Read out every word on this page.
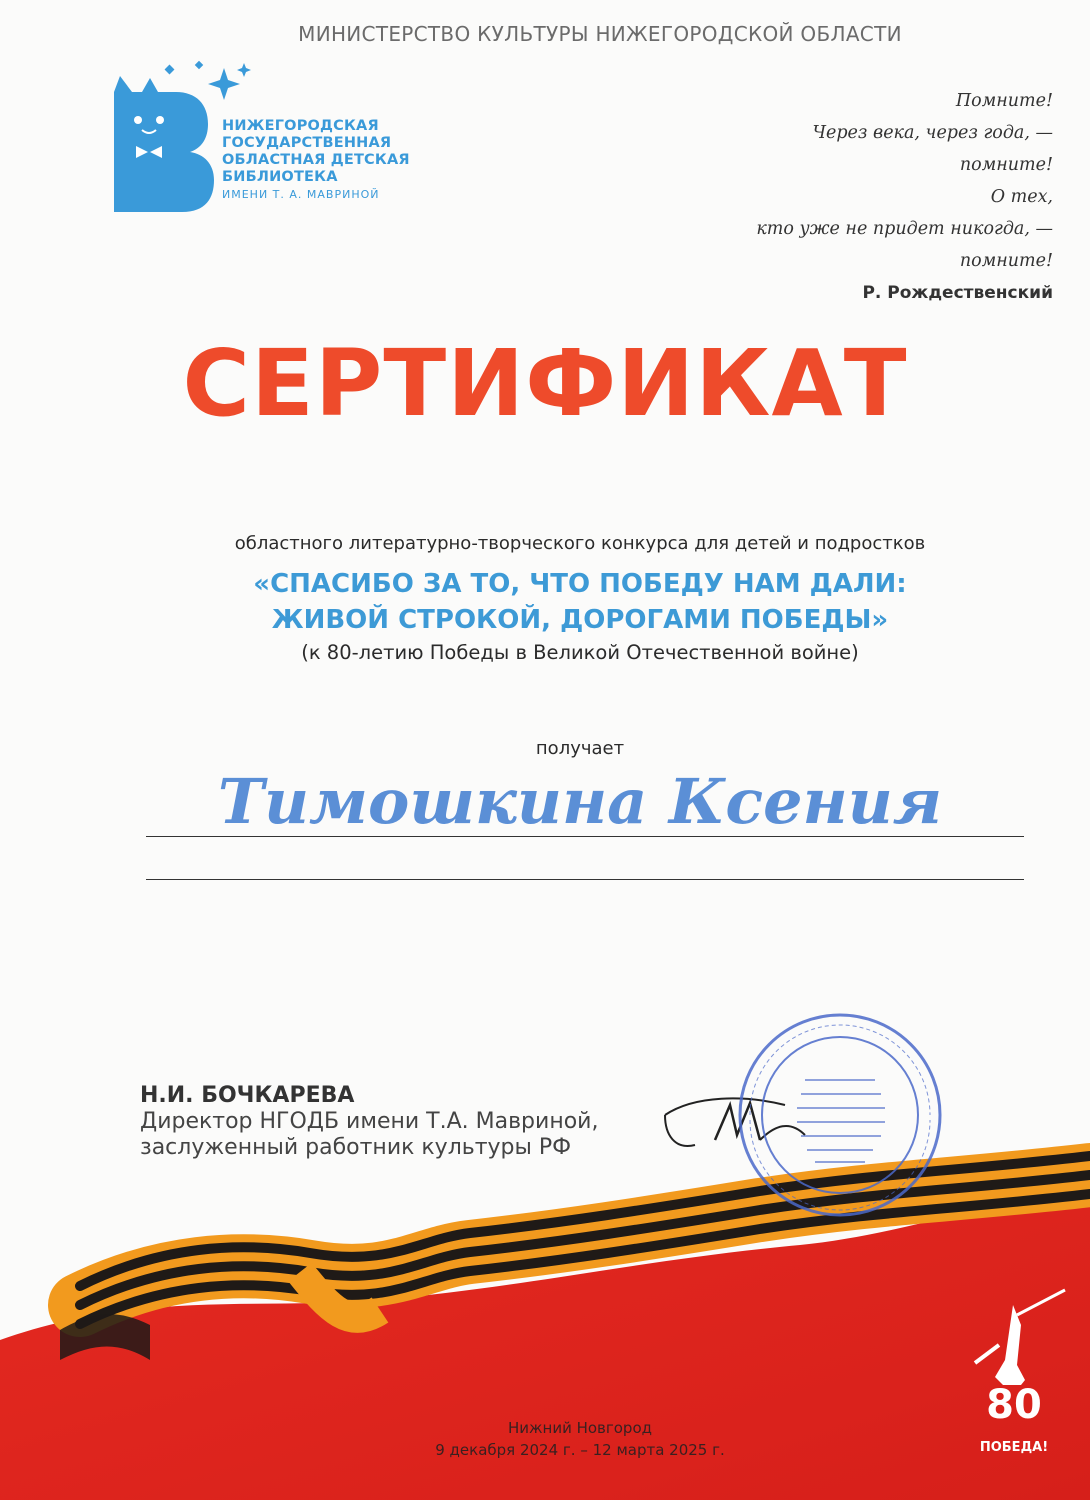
МИНИСТЕРСТВО КУЛЬТУРЫ НИЖЕГОРОДСКОЙ ОБЛАСТИ
НИЖЕГОРОДСКАЯ
ГОСУДАРСТВЕННАЯ
ОБЛАСТНАЯ ДЕТСКАЯ
БИБЛИОТЕКА
ИМЕНИ Т. А. МАВРИНОЙ
Помните!
Через века, через года, —
помните!
О тех,
кто уже не придет никогда, —
помните!
Р. Рождественский
СЕРТИФИКАТ
областного литературно-творческого конкурса для детей и подростков
«СПАСИБО ЗА ТО, ЧТО ПОБЕДУ НАМ ДАЛИ:
ЖИВОЙ СТРОКОЙ, ДОРОГАМИ ПОБЕДЫ»
(к 80-летию Победы в Великой Отечественной войне)
получает
Тимошкина Ксения
Н.И. БОЧКАРЕВА
Директор НГОДБ имени Т.А. Мавриной,
заслуженный работник культуры РФ
80
ПОБЕДА!
Нижний Новгород
9 декабря 2024 г. – 12 марта 2025 г.
